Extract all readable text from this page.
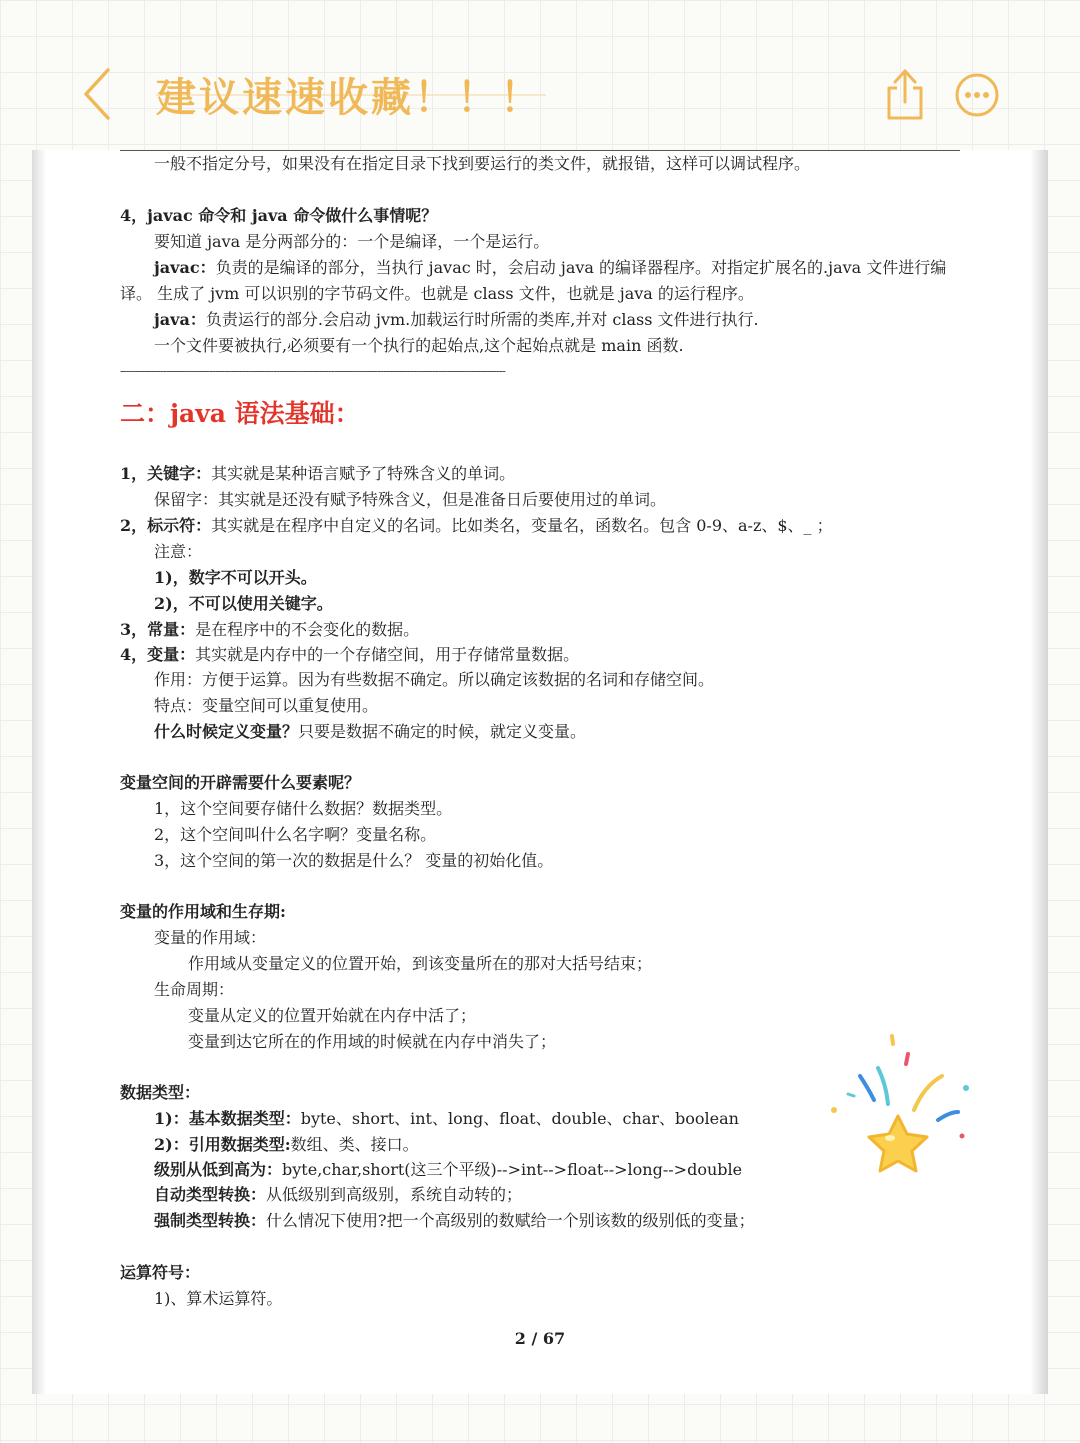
建议速速收藏！！！
一般不指定分号，如果没有在指定目录下找到要运行的类文件，就报错，这样可以调试程序。
4，javac 命令和 java 命令做什么事情呢？
要知道 java 是分两部分的：一个是编译，一个是运行。
javac：负责的是编译的部分，当执行 javac 时，会启动 java 的编译器程序。对指定扩展名的.java 文件进行编
译。 生成了 jvm 可以识别的字节码文件。也就是 class 文件，也就是 java 的运行程序。
java：负责运行的部分.会启动 jvm.加载运行时所需的类库,并对 class 文件进行执行.
一个文件要被执行,必须要有一个执行的起始点,这个起始点就是 main 函数.
------------------------------------------------------------------------------------------------------------------------------
二：java 语法基础：
1，关键字：其实就是某种语言赋予了特殊含义的单词。
保留字：其实就是还没有赋予特殊含义，但是准备日后要使用过的单词。
2，标示符：其实就是在程序中自定义的名词。比如类名，变量名，函数名。包含 0-9、a-z、$、_ ；
注意：
1)，数字不可以开头。
2)，不可以使用关键字。
3，常量：是在程序中的不会变化的数据。
4，变量：其实就是内存中的一个存储空间，用于存储常量数据。
作用：方便于运算。因为有些数据不确定。所以确定该数据的名词和存储空间。
特点：变量空间可以重复使用。
什么时候定义变量？只要是数据不确定的时候，就定义变量。
变量空间的开辟需要什么要素呢？
1，这个空间要存储什么数据？数据类型。
2，这个空间叫什么名字啊？变量名称。
3，这个空间的第一次的数据是什么？ 变量的初始化值。
变量的作用域和生存期:
变量的作用域：
作用域从变量定义的位置开始，到该变量所在的那对大括号结束；
生命周期：
变量从定义的位置开始就在内存中活了；
变量到达它所在的作用域的时候就在内存中消失了；
数据类型：
1)：基本数据类型：byte、short、int、long、float、double、char、boolean
2)：引用数据类型:数组、类、接口。
级别从低到高为：byte,char,short(这三个平级)-->int-->float-->long-->double
自动类型转换：从低级别到高级别，系统自动转的；
强制类型转换：什么情况下使用?把一个高级别的数赋给一个别该数的级别低的变量；
运算符号：
1)、算术运算符。
2 / 67
